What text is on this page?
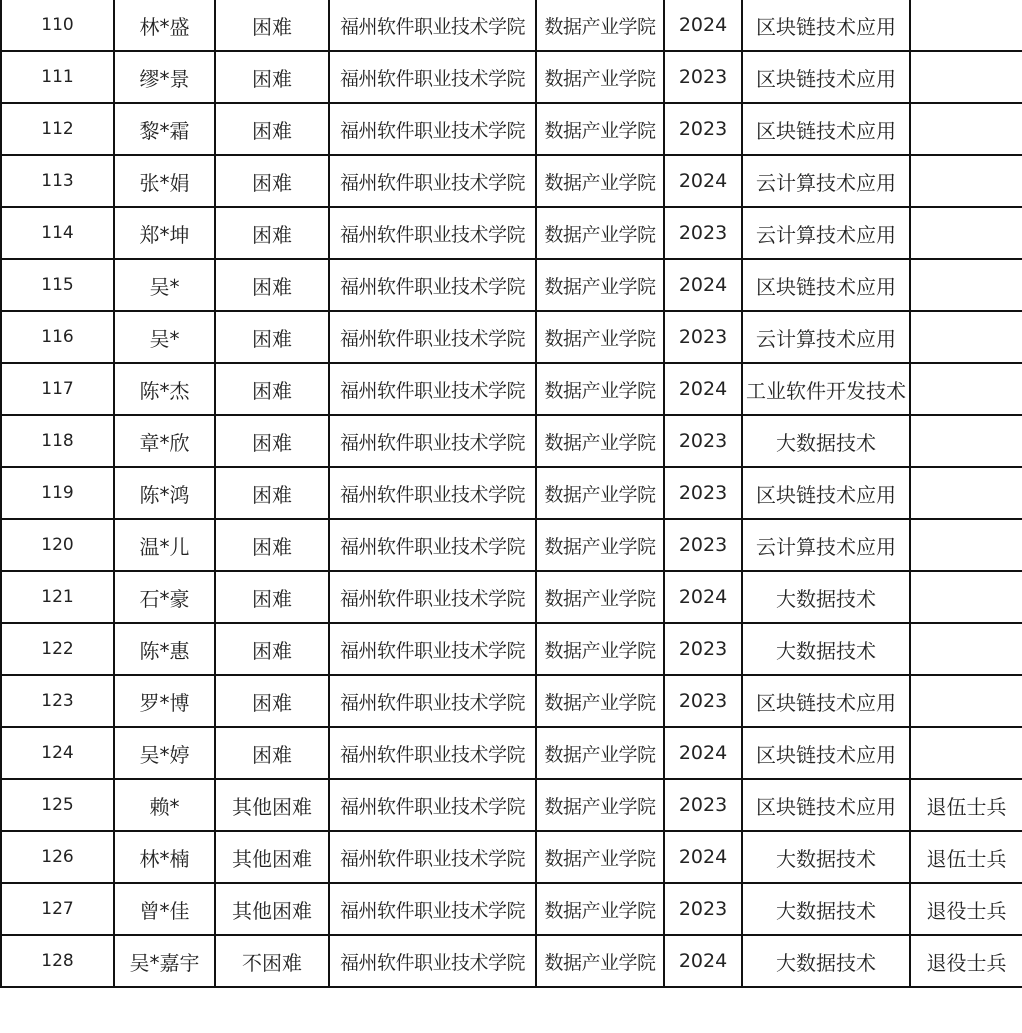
110	林*盛	困难	福州软件职业技术学院	数据产业学院	2024	区块链技术应用	
111	缪*景	困难	福州软件职业技术学院	数据产业学院	2023	区块链技术应用	
112	黎*霜	困难	福州软件职业技术学院	数据产业学院	2023	区块链技术应用	
113	张*娟	困难	福州软件职业技术学院	数据产业学院	2024	云计算技术应用	
114	郑*坤	困难	福州软件职业技术学院	数据产业学院	2023	云计算技术应用	
115	吴*	困难	福州软件职业技术学院	数据产业学院	2024	区块链技术应用	
116	吴*	困难	福州软件职业技术学院	数据产业学院	2023	云计算技术应用	
117	陈*杰	困难	福州软件职业技术学院	数据产业学院	2024	工业软件开发技术	
118	章*欣	困难	福州软件职业技术学院	数据产业学院	2023	大数据技术	
119	陈*鸿	困难	福州软件职业技术学院	数据产业学院	2023	区块链技术应用	
120	温*儿	困难	福州软件职业技术学院	数据产业学院	2023	云计算技术应用	
121	石*豪	困难	福州软件职业技术学院	数据产业学院	2024	大数据技术	
122	陈*惠	困难	福州软件职业技术学院	数据产业学院	2023	大数据技术	
123	罗*博	困难	福州软件职业技术学院	数据产业学院	2023	区块链技术应用	
124	吴*婷	困难	福州软件职业技术学院	数据产业学院	2024	区块链技术应用	
125	赖*	其他困难	福州软件职业技术学院	数据产业学院	2023	区块链技术应用	退伍士兵
126	林*楠	其他困难	福州软件职业技术学院	数据产业学院	2024	大数据技术	退伍士兵
127	曾*佳	其他困难	福州软件职业技术学院	数据产业学院	2023	大数据技术	退役士兵
128	吴*嘉宇	不困难	福州软件职业技术学院	数据产业学院	2024	大数据技术	退役士兵
